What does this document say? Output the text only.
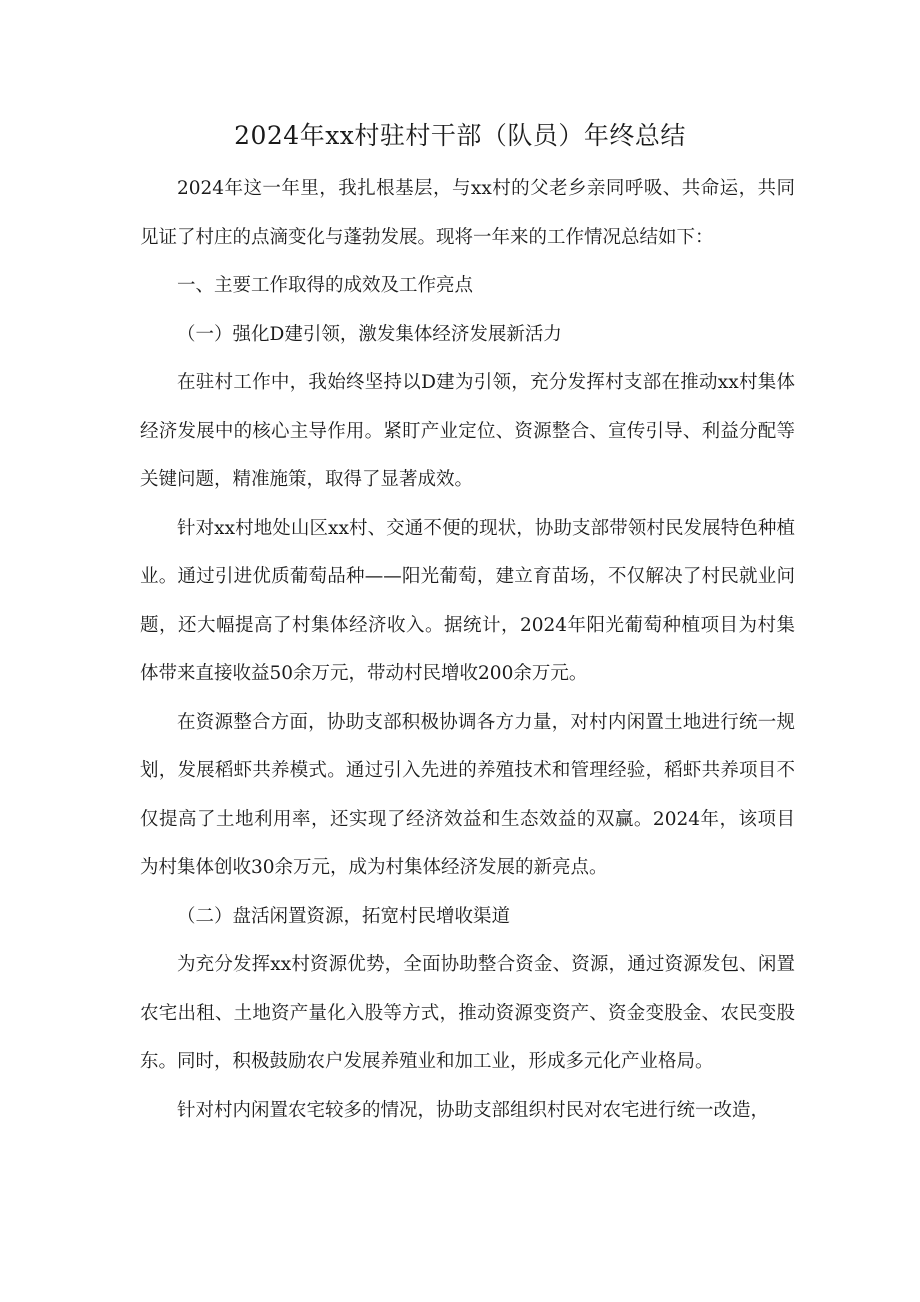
2024年xx村驻村干部（队员）年终总结

2024年这一年里，我扎根基层，与xx村的父老乡亲同呼吸、共命运，共同见证了村庄的点滴变化与蓬勃发展。现将一年来的工作情况总结如下：

一、主要工作取得的成效及工作亮点

（一）强化D建引领，激发集体经济发展新活力

在驻村工作中，我始终坚持以D建为引领，充分发挥村支部在推动xx村集体经济发展中的核心主导作用。紧盯产业定位、资源整合、宣传引导、利益分配等关键问题，精准施策，取得了显著成效。

针对xx村地处山区xx村、交通不便的现状，协助支部带领村民发展特色种植业。通过引进优质葡萄品种——阳光葡萄，建立育苗场，不仅解决了村民就业问题，还大幅提高了村集体经济收入。据统计，2024年阳光葡萄种植项目为村集体带来直接收益50余万元，带动村民增收200余万元。

在资源整合方面，协助支部积极协调各方力量，对村内闲置土地进行统一规划，发展稻虾共养模式。通过引入先进的养殖技术和管理经验，稻虾共养项目不仅提高了土地利用率，还实现了经济效益和生态效益的双赢。2024年，该项目为村集体创收30余万元，成为村集体经济发展的新亮点。

（二）盘活闲置资源，拓宽村民增收渠道

为充分发挥xx村资源优势，全面协助整合资金、资源，通过资源发包、闲置农宅出租、土地资产量化入股等方式，推动资源变资产、资金变股金、农民变股东。同时，积极鼓励农户发展养殖业和加工业，形成多元化产业格局。

针对村内闲置农宅较多的情况，协助支部组织村民对农宅进行统一改造，
